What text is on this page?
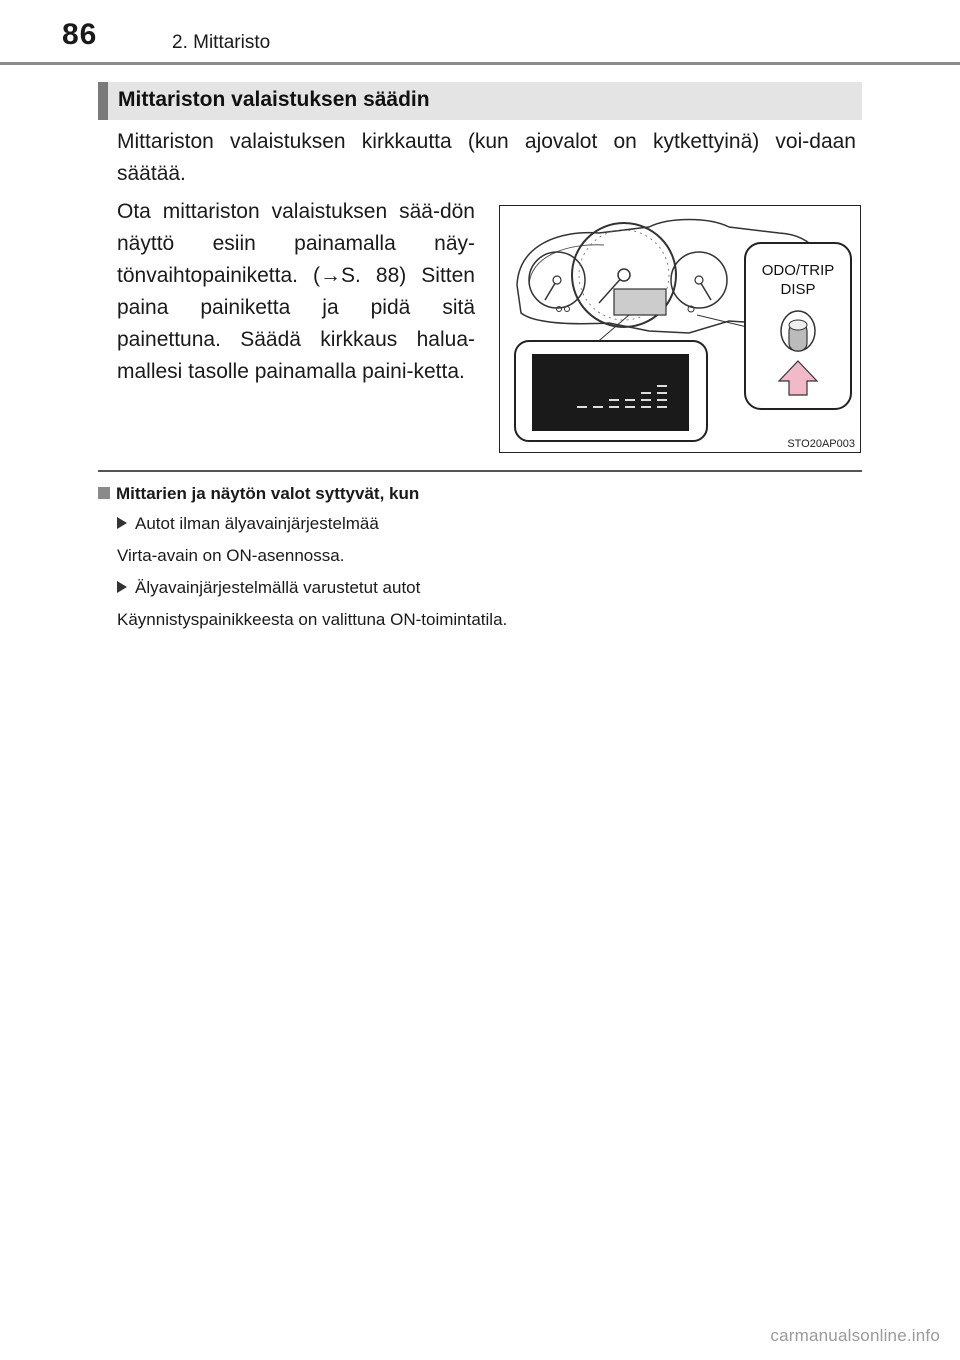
86	2. Mittaristo
Mittariston valaistuksen säädin
Mittariston valaistuksen kirkkautta (kun ajovalot on kytkettyinä) voi-daan säätää.
Ota mittariston valaistuksen sää-dön näyttö esiin painamalla näy-tönvaihtopainiketta. (→S. 88) Sitten paina painiketta ja pidä sitä painettuna. Säädä kirkkaus halua-mallesi tasolle painamalla paini-ketta.
ODO/TRIP
DISP
STO20AP003
Mittarien ja näytön valot syttyvät, kun
Autot ilman älyavainjärjestelmää
Virta-avain on ON-asennossa.
Älyavainjärjestelmällä varustetut autot
Käynnistyspainikkeesta on valittuna ON-toimintatila.
carmanualsonline.info
